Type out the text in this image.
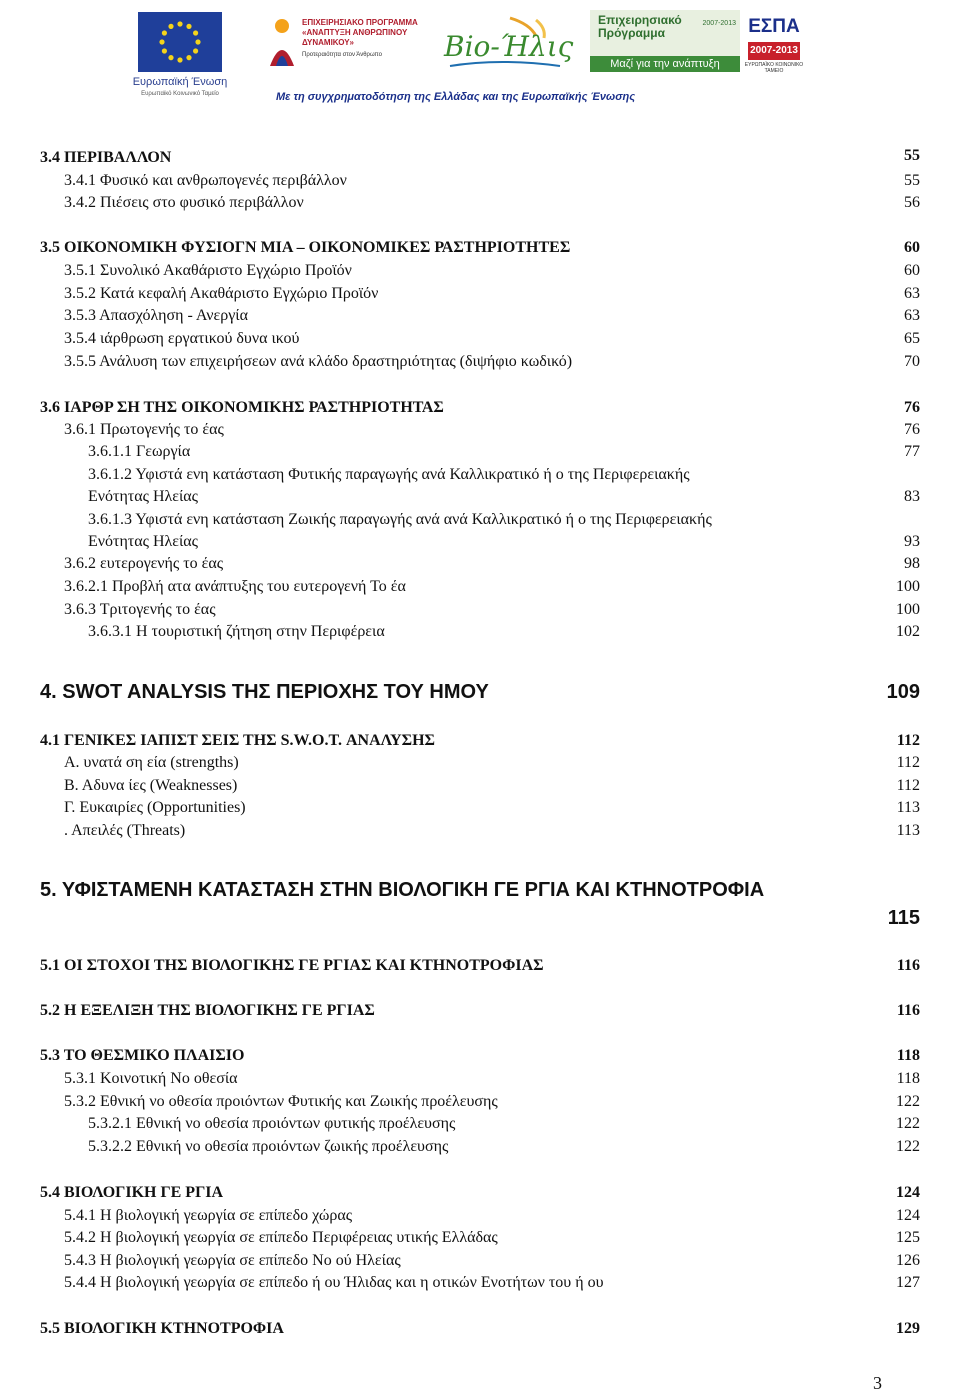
Ευρωπαϊκή Ένωση
Ευρωπαϊκό Κοινωνικό Ταμείο
ΕΠΙΧΕΙΡΗΣΙΑΚΟ ΠΡΟΓΡΑΜΜΑ «ΑΝΑΠΤΥΞΗ ΑΝΘΡΩΠΙΝΟΥ ΔΥΝΑΜΙΚΟΥ»
Προτεραιότητα στον Άνθρωπο	Bio-Ήλις
Επιχειρησιακό Πρόγραμμα
2007-2013
Μαζί για την ανάπτυξη
ΕΣΠΑ
2007-2013
ΕΥΡΩΠΑΪΚΟ ΚΟΙΝΩΝΙΚΟ ΤΑΜΕΙΟ
Με τη συγχρηματοδότηση της Ελλάδας και της Ευρωπαϊκής Ένωσης
3.4 ΠΕΡΙΒΑΛΛΟΝ	55
3.4.1 Φυσικό και ανθρωπογενές περιβάλλον	55
3.4.2 Πιέσεις στο φυσικό περιβάλλον	56
3.5 ΟΙΚΟΝΟΜΙΚΗ ΦΥΣΙΟΓΝ ΜΙΑ – ΟΙΚΟΝΟΜΙΚΕΣ ΡΑΣΤΗΡΙΟΤΗΤΕΣ	60
3.5.1 Συνολικό Ακαθάριστο Εγχώριο Προϊόν	60
3.5.2 Κατά κεφαλή Ακαθάριστο Εγχώριο Προϊόν	63
3.5.3 Απασχόληση - Ανεργία	63
3.5.4 ιάρθρωση εργατικού δυνα ικού	65
3.5.5 Ανάλυση των επιχειρήσεων ανά κλάδο δραστηριότητας (διψήφιο κωδικό)	70
3.6 ΙΑΡΘΡ ΣΗ ΤΗΣ ΟΙΚΟΝΟΜΙΚΗΣ ΡΑΣΤΗΡΙΟΤΗΤΑΣ	76
3.6.1 Πρωτογενής το έας	76
3.6.1.1 Γεωργία	77
3.6.1.2 Υφιστά ενη κατάσταση Φυτικής παραγωγής ανά Καλλικρατικό ή ο της Περιφερειακής
Ενότητας Ηλείας	83
3.6.1.3 Υφιστά ενη κατάσταση Ζωικής παραγωγής ανά ανά Καλλικρατικό ή ο της Περιφερειακής
Ενότητας Ηλείας	93
3.6.2 ευτερογενής το έας	98
3.6.2.1 Προβλή ατα ανάπτυξης του ευτερογενή Το έα	100
3.6.3 Τριτογενής το έας	100
3.6.3.1 Η τουριστική ζήτηση στην Περιφέρεια	102
4. SWOT ANALYSIS ΤΗΣ ΠΕΡΙΟΧΗΣ ΤΟΥ ΗΜΟΥ	109
4.1 ΓΕΝΙΚΕΣ ΙΑΠΙΣΤ ΣΕΙΣ ΤΗΣ S.W.O.T. ΑΝΑΛΥΣΗΣ	112
Α. υνατά ση εία (strengths)	112
Β. Αδυνα ίες (Weaknesses)	112
Γ. Ευκαιρίες (Opportunities)	113
. Απειλές (Threats)	113
5. ΥΦΙΣΤΑΜΕΝΗ ΚΑΤΑΣΤΑΣΗ ΣΤΗΝ ΒΙΟΛΟΓΙΚΗ ΓΕ ΡΓΙΑ ΚΑΙ ΚΤΗΝΟΤΡΟΦΙΑ
115
5.1 ΟΙ ΣΤΟΧΟΙ ΤΗΣ ΒΙΟΛΟΓΙΚΗΣ ΓΕ ΡΓΙΑΣ ΚΑΙ ΚΤΗΝΟΤΡΟΦΙΑΣ	116
5.2 Η ΕΞΕΛΙΞΗ ΤΗΣ ΒΙΟΛΟΓΙΚΗΣ ΓΕ ΡΓΙΑΣ	116
5.3 ΤΟ ΘΕΣΜΙΚΟ ΠΛΑΙΣΙΟ	118
5.3.1 Κοινοτική Νο οθεσία	118
5.3.2 Εθνική νο οθεσία προιόντων Φυτικής και Ζωικής προέλευσης	122
5.3.2.1 Εθνική νο οθεσία προιόντων φυτικής προέλευσης	122
5.3.2.2 Εθνική νο οθεσία προιόντων ζωικής προέλευσης	122
5.4 ΒΙΟΛΟΓΙΚΗ ΓΕ ΡΓΙΑ	124
5.4.1 Η βιολογική γεωργία σε επίπεδο χώρας	124
5.4.2 Η βιολογική γεωργία σε επίπεδο Περιφέρειας υτικής Ελλάδας	125
5.4.3 Η βιολογική γεωργία σε επίπεδο Νο ού Ηλείας	126
5.4.4 Η βιολογική γεωργία σε επίπεδο ή ου Ήλιδας και η οτικών Ενοτήτων του ή ου	127
5.5 ΒΙΟΛΟΓΙΚΗ ΚΤΗΝΟΤΡΟΦΙΑ	129
3
